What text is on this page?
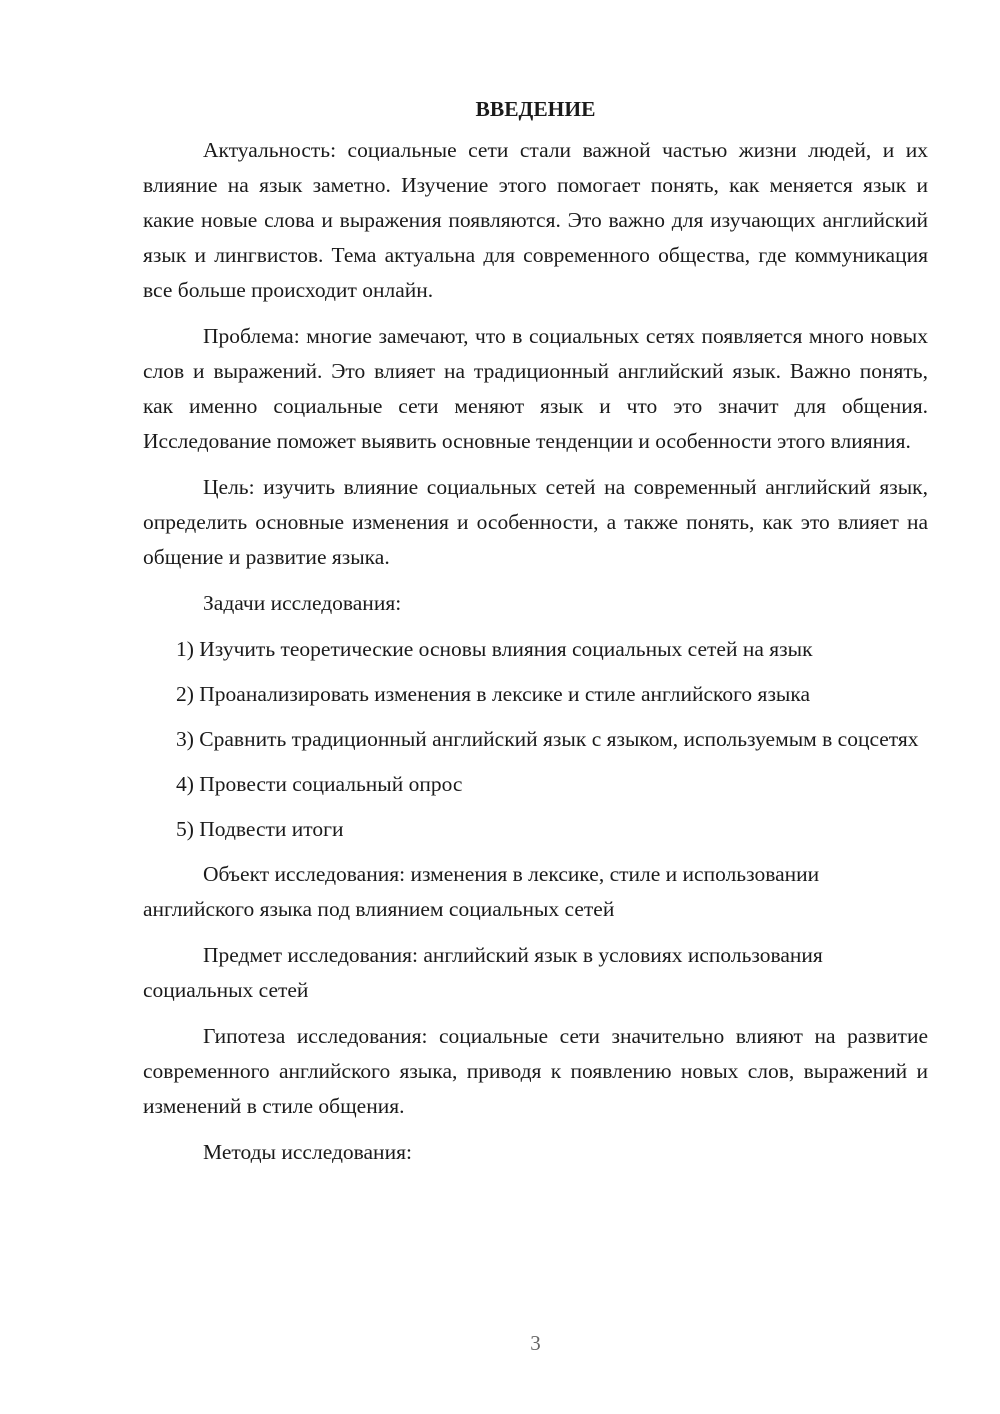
ВВЕДЕНИЕ

Актуальность: социальные сети стали важной частью жизни людей, и их влияние на язык заметно. Изучение этого помогает понять, как меняется язык и какие новые слова и выражения появляются. Это важно для изучающих английский язык и лингвистов. Тема актуальна для современного общества, где коммуникация все больше происходит онлайн.

Проблема: многие замечают, что в социальных сетях появляется много новых слов и выражений. Это влияет на традиционный английский язык. Важно понять, как именно социальные сети меняют язык и что это значит для общения. Исследование поможет выявить основные тенденции и особенности этого влияния.

Цель: изучить влияние социальных сетей на современный английский язык, определить основные изменения и особенности, а также понять, как это влияет на общение и развитие языка.

Задачи исследования:

1) Изучить теоретические основы влияния социальных сетей на язык

2) Проанализировать изменения в лексике и стиле английского языка

3) Сравнить традиционный английский язык с языком, используемым в соцсетях

4) Провести социальный опрос

5) Подвести итоги

Объект исследования: изменения в лексике, стиле и использовании английского языка под влиянием социальных сетей

Предмет исследования: английский язык в условиях использования социальных сетей

Гипотеза исследования: социальные сети значительно влияют на развитие современного английского языка, приводя к появлению новых слов, выражений и изменений в стиле общения.

Методы исследования:

3
